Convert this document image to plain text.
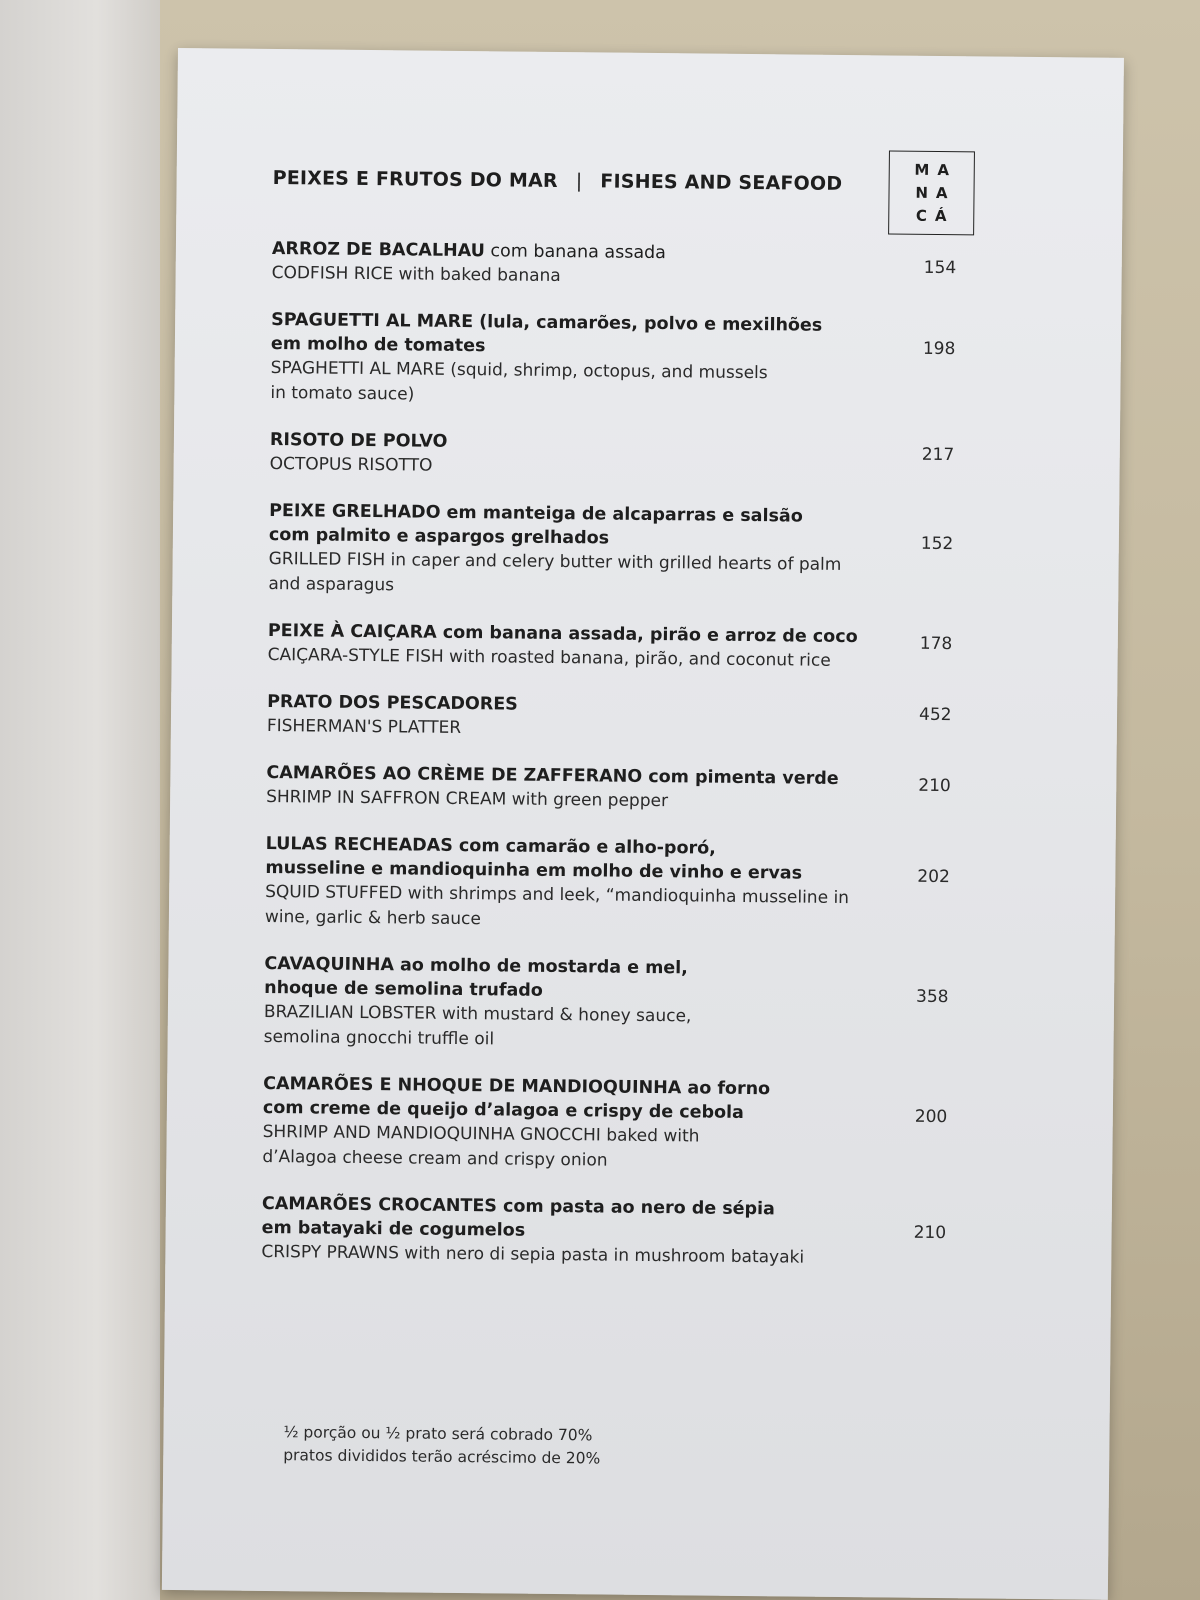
PEIXES E FRUTOS DO MAR | FISHES AND SEAFOOD
MA
NA
CÁ
ARROZ DE BACALHAU com banana assada
CODFISH RICE with baked banana	154
SPAGUETTI AL MARE (lula, camarões, polvo e mexilhões
em molho de tomates
SPAGHETTI AL MARE (squid, shrimp, octopus, and mussels
in tomato sauce)
198
RISOTO DE POLVO
OCTOPUS RISOTTO	217
PEIXE GRELHADO em manteiga de alcaparras e salsão
com palmito e aspargos grelhados
GRILLED FISH in caper and celery butter with grilled hearts of palm
and asparagus
152
PEIXE À CAIÇARA com banana assada, pirão e arroz de coco
CAIÇARA-STYLE FISH with roasted banana, pirão, and coconut rice
178
PRATO DOS PESCADORES
FISHERMAN'S PLATTER
452
CAMARÕES AO CRÈME DE ZAFFERANO com pimenta verde
SHRIMP IN SAFFRON CREAM with green pepper
210
LULAS RECHEADAS com camarão e alho-poró,
musseline e mandioquinha em molho de vinho e ervas
SQUID STUFFED with shrimps and leek, “mandioquinha musseline in
wine, garlic & herb sauce
202
CAVAQUINHA ao molho de mostarda e mel,
nhoque de semolina trufado
BRAZILIAN LOBSTER with mustard & honey sauce,
semolina gnocchi truffle oil
358
CAMARÕES E NHOQUE DE MANDIOQUINHA ao forno
com creme de queijo d’alagoa e crispy de cebola
SHRIMP AND MANDIOQUINHA GNOCCHI baked with
d’Alagoa cheese cream and crispy onion
200
CAMARÕES CROCANTES com pasta ao nero de sépia
em batayaki de cogumelos
CRISPY PRAWNS with nero di sepia pasta in mushroom batayaki
210
½ porção ou ½ prato será cobrado 70%
pratos divididos terão acréscimo de 20%
